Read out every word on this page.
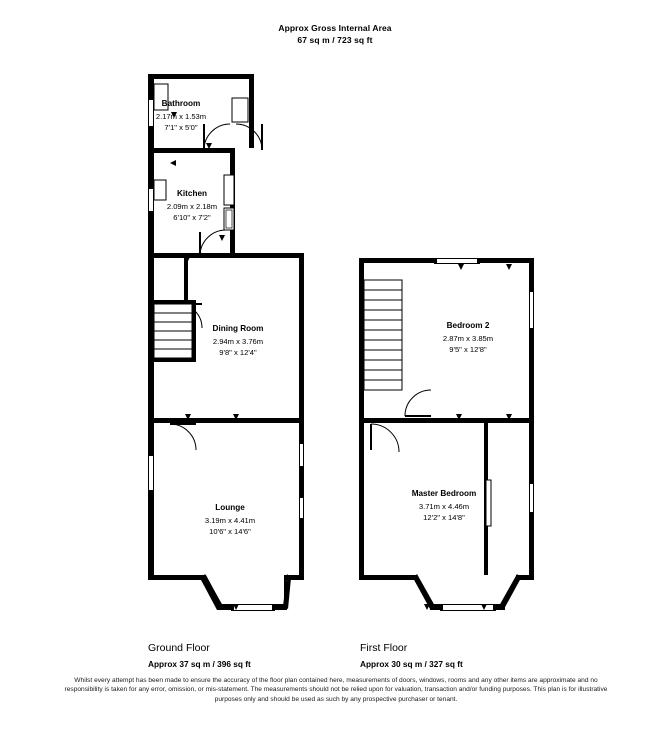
Approx Gross Internal Area
67 sq m / 723 sq ft
Bathroom
2.17m x 1.53m
7'1" x 5'0"
Kitchen
2.09m x 2.18m
6'10" x 7'2"
Dining Room
2.94m x 3.76m
9'8" x 12'4"
Lounge
3.19m x 4.41m
10'6" x 14'6"
Bedroom 2
2.87m x 3.85m
9'5" x 12'8"
Master Bedroom
3.71m x 4.46m
12'2" x 14'8"
Ground Floor
Approx 37 sq m / 396 sq ft
First Floor
Approx 30 sq m / 327 sq ft
Whilst every attempt has been made to ensure the accuracy of the floor plan contained here, measurements of doors, windows, rooms and any other items are approximate and no responsibility is taken for any error, omission, or mis-statement. The measurements should not be relied upon for valuation, transaction and/or funding purposes. This plan is for illustrative purposes only and should be used as such by any prospective purchaser or tenant.
